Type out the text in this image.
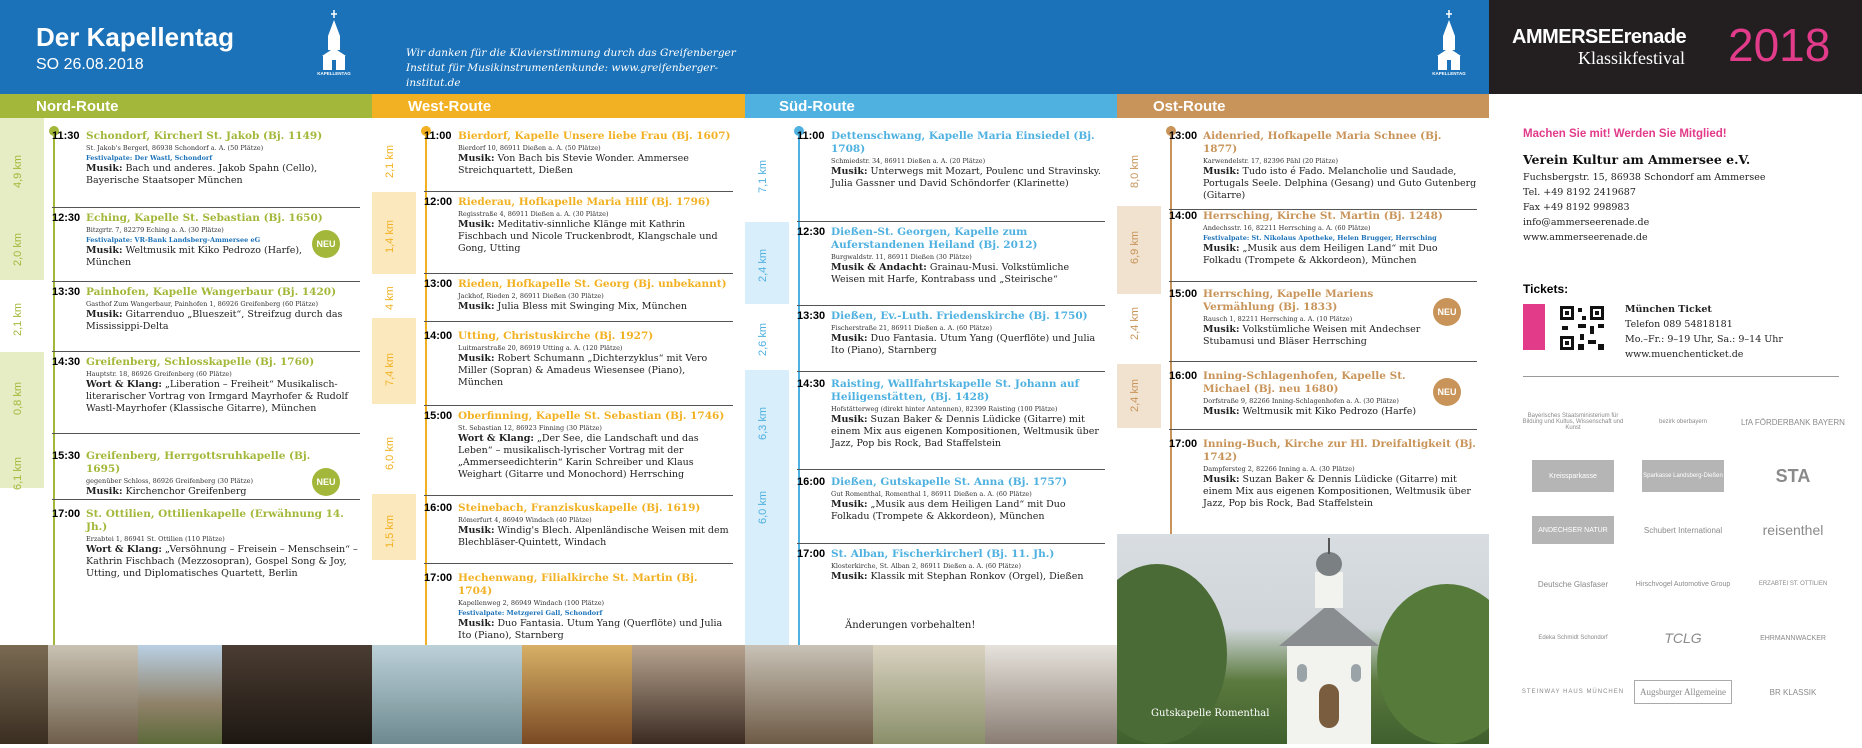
Der Kapellentag
SO 26.08.2018
Wir danken für die Klavierstimmung durch das Greifenberger
Institut für Musikinstrumentenkunde: www.greifenberger-institut.de
KAPELLENTAG	KAPELLENTAG
AMMERSEErenade
Klassikfestival 2018
Nord-Route	West-Route	Süd-Route	Ost-Route
4,9 km
2,0 km
2,1 km
0,8 km
6,1 km
11:30 Schondorf, Kircherl St. Jakob (Bj. 1149)
St. Jakob's Bergerl, 86938 Schondorf a. A. (50 Plätze)
Festivalpate: Der Wastl, Schondorf
Musik: Bach und anderes. Jakob Spahn (Cello), Bayerische Staatsoper München
12:30 Eching, Kapelle St. Sebastian (Bj. 1650)
Bitzgrtr. 7, 82279 Eching a. A. (30 Plätze)
Festivalpate: VR-Bank Landsberg-Ammersee eG
Musik: Weltmusik mit Kiko Pedrozo (Harfe), München
NEU
13:30 Painhofen, Kapelle Wangerbaur (Bj. 1420)
Gasthof Zum Wangerbaur, Painhofen 1, 86926 Greifenberg (60 Plätze)
Musik: Gitarrenduo „Blueszeit“, Streifzug durch das Mississippi-Delta
14:30 Greifenberg, Schlosskapelle (Bj. 1760)
Hauptstr. 18, 86926 Greifenberg (60 Plätze)
Wort & Klang: „Liberation – Freiheit“ Musikalisch-literarischer Vortrag von Irmgard Mayrhofer & Rudolf Wastl-Mayrhofer (Klassische Gitarre), München
15:30 Greifenberg, Herrgottsruhkapelle (Bj. 1695)
gegenüber Schloss, 86926 Greifenberg (30 Plätze)
Musik: Kirchenchor Greifenberg
NEU
17:00 St. Ottilien, Ottilienkapelle (Erwähnung 14. Jh.)
Erzabtei 1, 86941 St. Ottilien (110 Plätze)
Wort & Klang: „Versöhnung – Freisein – Menschsein“ – Kathrin Fischbach (Mezzosopran), Gospel Song & Joy, Utting, und Diplomatisches Quartett, Berlin
2,1 km
1,4 km
4 km
7,4 km
6,0 km
1,5 km
11:00 Bierdorf, Kapelle Unsere liebe Frau (Bj. 1607)
Bierdorf 10, 86911 Dießen a. A. (50 Plätze)
Musik: Von Bach bis Stevie Wonder. Ammersee Streichquartett, Dießen
12:00 Riederau, Hofkapelle Maria Hilf (Bj. 1796)
Regisstraße 4, 86911 Dießen a. A. (30 Plätze)
Musik: Meditativ-sinnliche Klänge mit Kathrin Fischbach und Nicole Truckenbrodt, Klangschale und Gong, Utting
13:00 Rieden, Hofkapelle St. Georg (Bj. unbekannt)
Jackhof, Rieden 2, 86911 Dießen (30 Plätze)
Musik: Julia Bless mit Swinging Mix, München
14:00 Utting, Christuskirche (Bj. 1927)
Luitmarstraße 20, 86919 Utting a. A. (120 Plätze)
Musik: Robert Schumann „Dichterzyklus“ mit Vero Miller (Sopran) & Amadeus Wiesensee (Piano), München
15:00 Oberfinning, Kapelle St. Sebastian (Bj. 1746)
St. Sebastian 12, 86923 Finning (30 Plätze)
Wort & Klang: „Der See, die Landschaft und das Leben“ – musikalisch-lyrischer Vortrag mit der „Ammerseedichterin“ Karin Schreiber und Klaus Weighart (Gitarre und Monochord) Herrsching
16:00 Steinebach, Franziskuskapelle (Bj. 1619)
Römerfurt 4, 86949 Windach (40 Plätze)
Musik: Windig's Blech. Alpenländische Weisen mit dem Blechbläser-Quintett, Windach
17:00 Hechenwang, Filialkirche St. Martin (Bj. 1704)
Kapellenweg 2, 86949 Windach (100 Plätze)
Festivalpate: Metzgerei Gall, Schondorf
Musik: Duo Fantasia. Utum Yang (Querflöte) und Julia Ito (Piano), Starnberg
7,1 km
2,4 km
2,6 km
6,3 km
6,0 km
11:00 Dettenschwang, Kapelle Maria Einsiedel (Bj. 1708)
Schmiedstr. 34, 86911 Dießen a. A. (20 Plätze)
Musik: Unterwegs mit Mozart, Poulenc und Stravinsky. Julia Gassner und David Schöndorfer (Klarinette)
12:30 Dießen-St. Georgen, Kapelle zum Auferstandenen Heiland (Bj. 2012)
Burgwaldstr. 11, 86911 Dießen (30 Plätze)
Musik & Andacht: Grainau-Musi. Volkstümliche Weisen mit Harfe, Kontrabass und „Steirische“
13:30 Dießen, Ev.-Luth. Friedenskirche (Bj. 1750)
Fischerstraße 21, 86911 Dießen a. A. (60 Plätze)
Musik: Duo Fantasia. Utum Yang (Querflöte) und Julia Ito (Piano), Starnberg
14:30 Raisting, Wallfahrtskapelle St. Johann auf Heiligenstätten, (Bj. 1428)
Hofstätterweg (direkt hinter Antennen), 82399 Raisting (100 Plätze)
Musik: Suzan Baker & Dennis Lüdicke (Gitarre) mit einem Mix aus eigenen Kompositionen, Weltmusik über Jazz, Pop bis Rock, Bad Staffelstein
16:00 Dießen, Gutskapelle St. Anna (Bj. 1757)
Gut Romenthal, Romenthal 1, 86911 Dießen a. A. (60 Plätze)
Musik: „Musik aus dem Heiligen Land“ mit Duo Folkadu (Trompete & Akkordeon), München
17:00 St. Alban, Fischerkircherl (Bj. 11. Jh.)
Klosterkirche, St. Alban 2, 86911 Dießen a. A. (60 Plätze)
Musik: Klassik mit Stephan Ronkov (Orgel), Dießen
Änderungen vorbehalten!
8,0 km
6,9 km
2,4 km
2,4 km
13:00 Aidenried, Hofkapelle Maria Schnee (Bj. 1877)
Karwendelstr. 17, 82396 Pähl (20 Plätze)
Musik: Tudo isto é Fado. Melancholie und Saudade, Portugals Seele. Delphina (Gesang) und Guto Gutenberg (Gitarre)
14:00 Herrsching, Kirche St. Martin (Bj. 1248)
Andechsstr. 16, 82211 Herrsching a. A. (60 Plätze)
Festivalpate: St. Nikolaus Apotheke, Helen Brugger, Herrsching
Musik: „Musik aus dem Heiligen Land“ mit Duo Folkadu (Trompete & Akkordeon), München
15:00 Herrsching, Kapelle Mariens Vermählung (Bj. 1833)
Rausch 1, 82211 Herrsching a. A. (10 Plätze)
Musik: Volkstümliche Weisen mit Andechser Stubamusi und Bläser Herrsching
NEU
16:00 Inning-Schlagenhofen, Kapelle St. Michael (Bj. neu 1680)
Dorfstraße 9, 82266 Inning-Schlagenhofen a. A. (30 Plätze)
Musik: Weltmusik mit Kiko Pedrozo (Harfe)
NEU
17:00 Inning-Buch, Kirche zur Hl. Dreifaltigkeit (Bj. 1742)
Dampfersteg 2, 82266 Inning a. A. (30 Plätze)
Musik: Suzan Baker & Dennis Lüdicke (Gitarre) mit einem Mix aus eigenen Kompositionen, Weltmusik über Jazz, Pop bis Rock, Bad Staffelstein
Gutskapelle Romenthal
Machen Sie mit! Werden Sie Mitglied!
Verein Kultur am Ammersee e.V.
Fuchsbergstr. 15, 86938 Schondorf am Ammersee
Tel. +49 8192 2419687
Fax +49 8192 998983
info@ammerseerenade.de
www.ammerseerenade.de
Tickets:
München Ticket
Telefon 089 54818181
Mo.–Fr.: 9–19 Uhr, Sa.: 9–14 Uhr
www.muenchenticket.de
Bayerisches Staatsministerium für Bildung und Kultus, Wissenschaft und Kunst
bezirk oberbayern	LfA FÖRDERBANK BAYERN
Kreissparkasse	Sparkasse Landsberg-Dießen	STA
ANDECHSER NATUR	Schubert International	reisenthel
Deutsche Glasfaser	Hirschvogel Automotive Group	ERZABTEI ST. OTTILIEN
Edeka Schmidt Schondorf	TCLG	EHRMANNWACKER
STEINWAY HAUS MÜNCHEN	Augsburger Allgemeine	BR KLASSIK
